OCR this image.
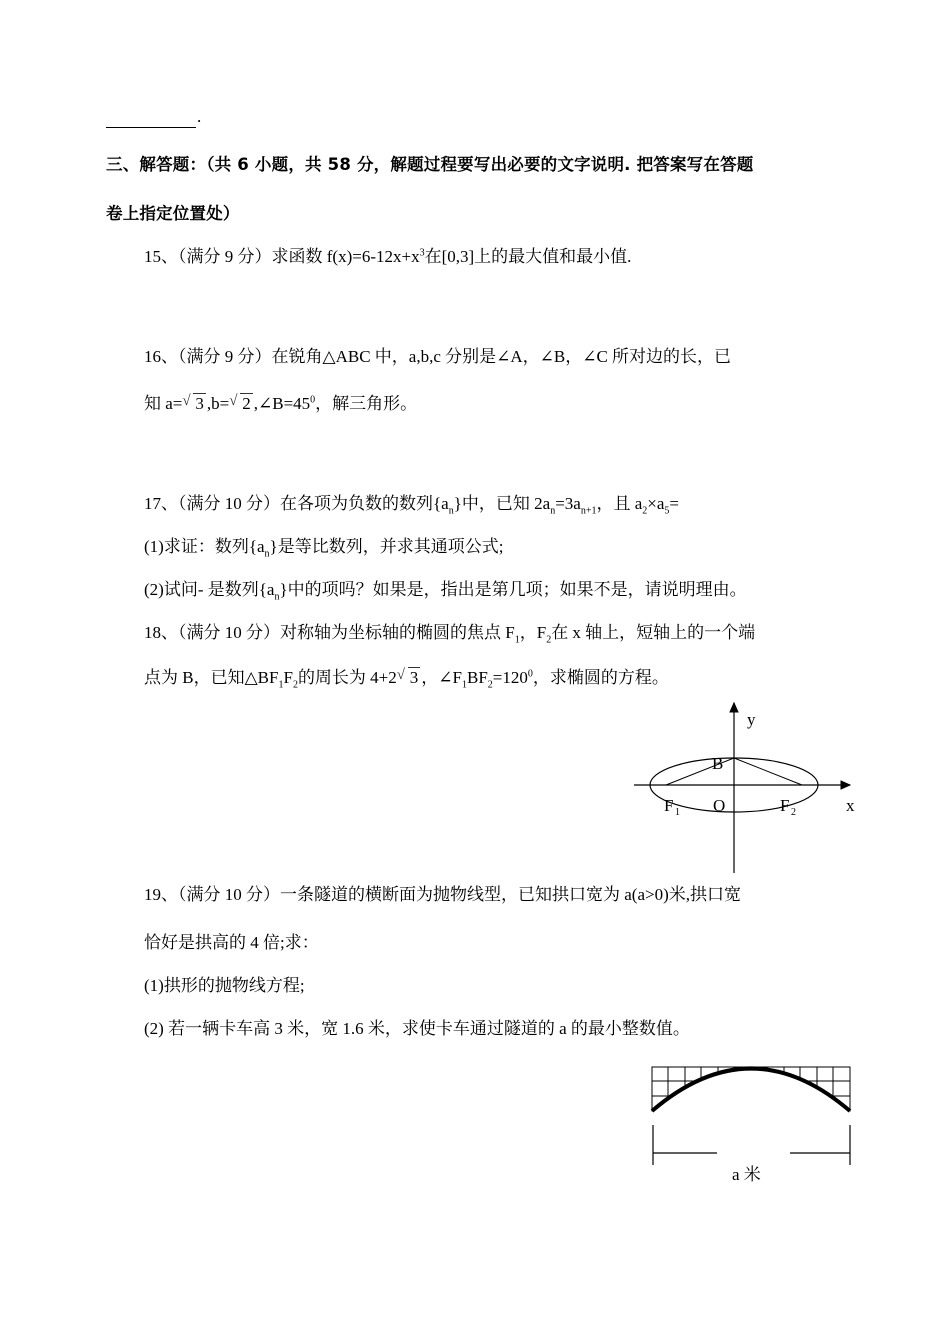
.
三、解答题：（共 6 小题，共 58 分，解题过程要写出必要的文字说明. 把答案写在答题
卷上指定位置处）
15、（满分 9 分）求函数 $f(x)=6-12x+x^3$在[0,3]上的最大值和最小值.
16、（满分 9 分）在锐角△ABC 中，a,b,c 分别是∠A，∠B，∠C 所对边的长，已
知 a= √ 3 ,b= √ 2 $,\angle B=45^0$，解三角形。
17、（满分 10 分）在各项为负数的数列$\{a_n\}$中，已知 $2a_n=3a_{n+1}$，且 $a_2\times a_5=$
(1)求证：数列$\{a_n\}$是等比数列，并求其通项公式;
(2)试问- 是数列$\{a_n\}$中的项吗？如果是，指出是第几项；如果不是，请说明理由。
18、（满分 10 分）对称轴为坐标轴的椭圆的焦点 $F_1$，$F_2$在 x 轴上，短轴上的一个端
点为 B，已知$\triangle BF_1F_2$的周长为 4+2 √ 3 ，$\angle F_1BF_2=120^0$，求椭圆的方程。
y
x
B
O
F 1	F 2
19、（满分 10 分）一条隧道的横断面为抛物线型，已知拱口宽为 a(a>0)米,拱口宽
恰好是拱高的 4 倍;求：
(1)拱形的抛物线方程;
(2) 若一辆卡车高 3 米，宽 1.6 米，求使卡车通过隧道的 a 的最小整数值。
a 米
